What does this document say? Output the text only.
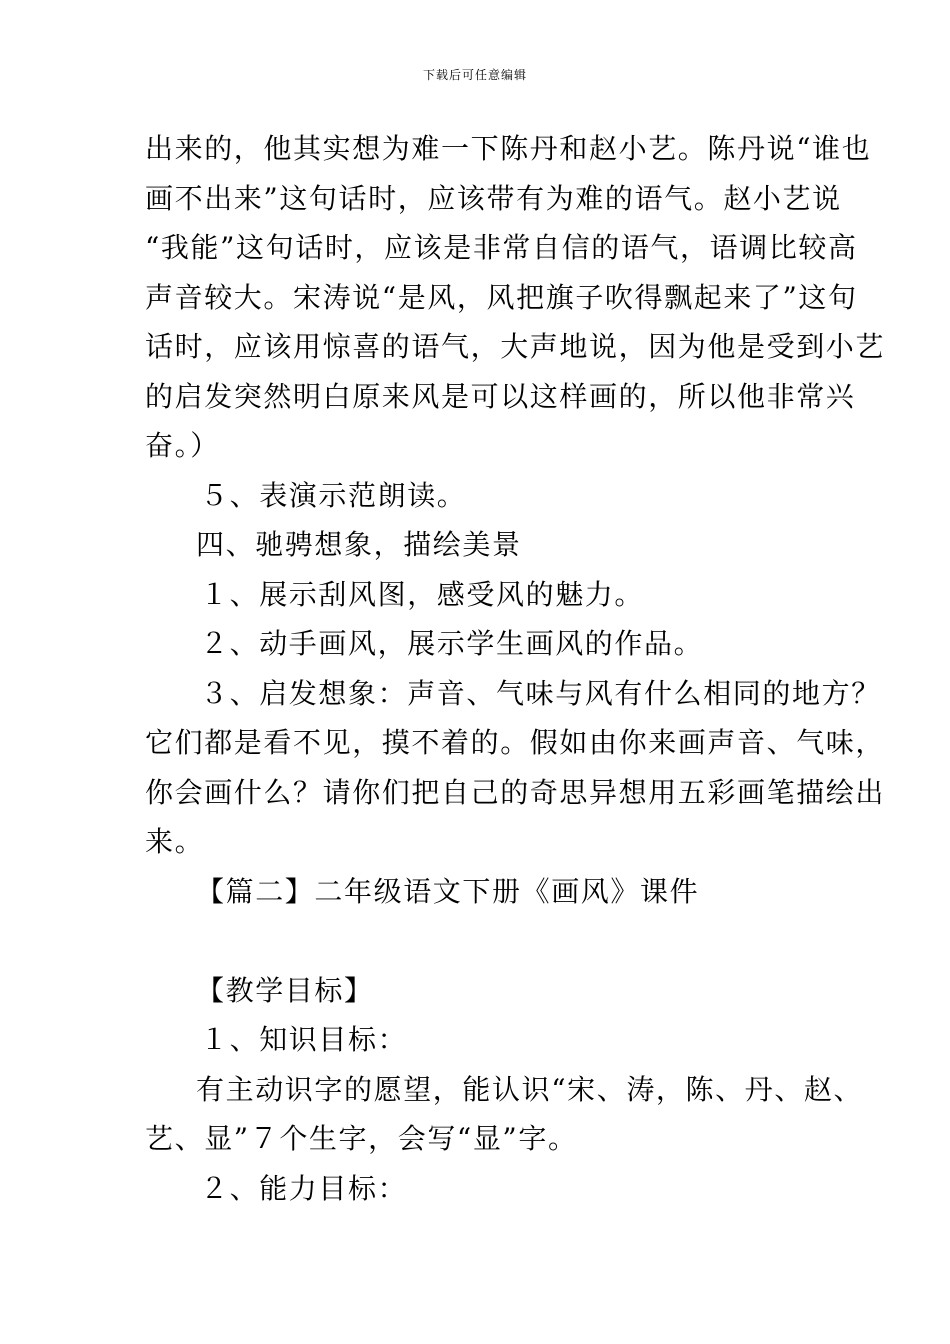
下载后可任意编辑

出来的，他其实想为难一下陈丹和赵小艺。陈丹说“谁也

画不出来”这句话时，应该带有为难的语气。赵小艺说

“我能”这句话时，应该是非常自信的语气，语调比较高

声音较大。宋涛说“是风，风把旗子吹得飘起来了”这句

话时，应该用惊喜的语气，大声地说，因为他是受到小艺

的启发突然明白原来风是可以这样画的，所以他非常兴

奋。）

５、表演示范朗读。

四、驰骋想象，描绘美景

１、展示刮风图，感受风的魅力。

２、动手画风，展示学生画风的作品。

３、启发想象：声音、气味与风有什么相同的地方？

它们都是看不见，摸不着的。假如由你来画声音、气味，

你会画什么？请你们把自己的奇思异想用五彩画笔描绘出

来。

【篇二】二年级语文下册《画风》课件

【教学目标】

１、知识目标：

有主动识字的愿望，能认识“宋、涛，陈、丹、赵、

艺、显”７个生字，会写“显”字。

２、能力目标：
